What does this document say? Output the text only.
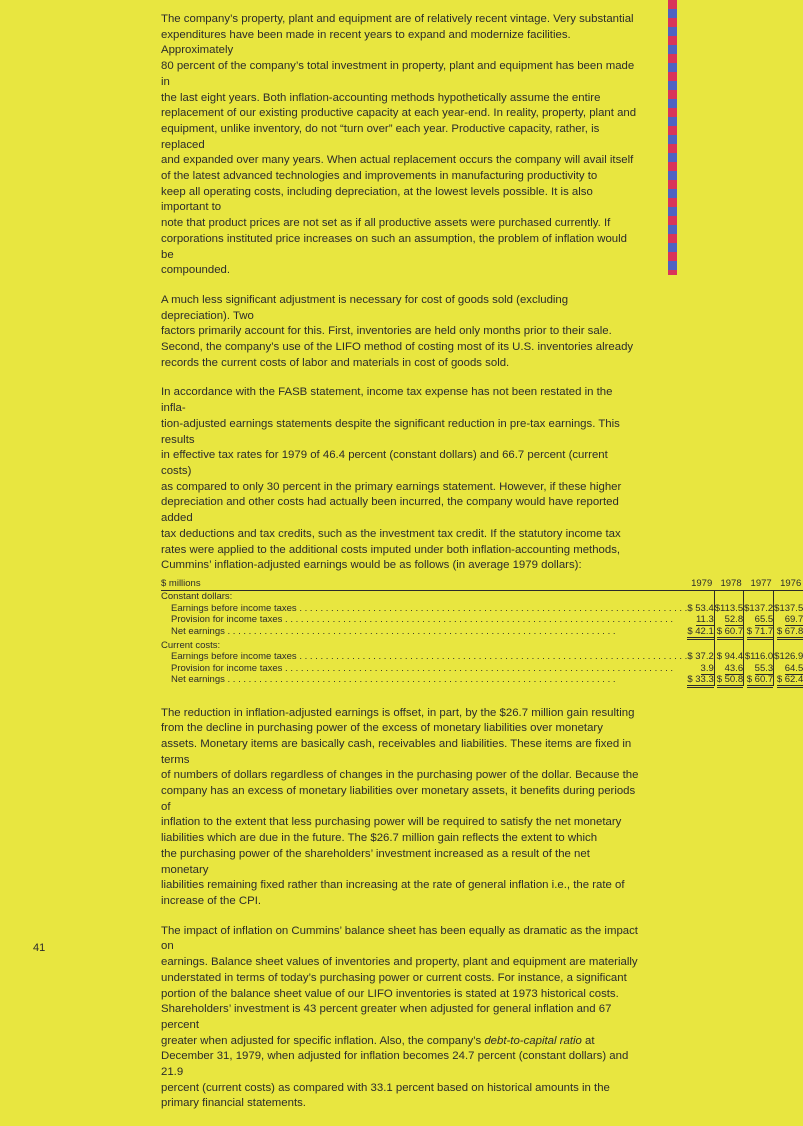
The company’s property, plant and equipment are of relatively recent vintage. Very substantial
expenditures have been made in recent years to expand and modernize facilities. Approximately
80 percent of the company’s total investment in property, plant and equipment has been made in
the last eight years. Both inflation-accounting methods hypothetically assume the entire
replacement of our existing productive capacity at each year-end. In reality, property, plant and
equipment, unlike inventory, do not “turn over” each year. Productive capacity, rather, is replaced
and expanded over many years. When actual replacement occurs the company will avail itself
of the latest advanced technologies and improvements in manufacturing productivity to
keep all operating costs, including depreciation, at the lowest levels possible. It is also important to
note that product prices are not set as if all productive assets were purchased currently. If
corporations instituted price increases on such an assumption, the problem of inflation would be
compounded.

A much less significant adjustment is necessary for cost of goods sold (excluding depreciation). Two
factors primarily account for this. First, inventories are held only months prior to their sale.
Second, the company’s use of the LIFO method of costing most of its U.S. inventories already
records the current costs of labor and materials in cost of goods sold.

In accordance with the FASB statement, income tax expense has not been restated in the infla-
tion-adjusted earnings statements despite the significant reduction in pre-tax earnings. This results
in effective tax rates for 1979 of 46.4 percent (constant dollars) and 66.7 percent (current costs)
as compared to only 30 percent in the primary earnings statement. However, if these higher
depreciation and other costs had actually been incurred, the company would have reported added
tax deductions and tax credits, such as the investment tax credit. If the statutory income tax
rates were applied to the additional costs imputed under both inflation-accounting methods,
Cummins’ inflation-adjusted earnings would be as follows (in average 1979 dollars):

$ millions	1979	1978	1977	1976
Constant dollars:				
Earnings before income taxes . . .	$ 53.4	$113.5	$137.2	$137.5
Provision for income taxes . . .	11.3	52.8	65.5	69.7
Net earnings . . .	$ 42.1	$ 60.7	$ 71.7	$ 67.8
Current costs:				
Earnings before income taxes . . .	$ 37.2	$ 94.4	$116.0	$126.9
Provision for income taxes . . .	3.9	43.6	55.3	64.5
Net earnings . . .	$ 33.3	$ 50.8	$ 60.7	$ 62.4

The reduction in inflation-adjusted earnings is offset, in part, by the $26.7 million gain resulting
from the decline in purchasing power of the excess of monetary liabilities over monetary
assets. Monetary items are basically cash, receivables and liabilities. These items are fixed in terms
of numbers of dollars regardless of changes in the purchasing power of the dollar. Because the
company has an excess of monetary liabilities over monetary assets, it benefits during periods of
inflation to the extent that less purchasing power will be required to satisfy the net monetary
liabilities which are due in the future. The $26.7 million gain reflects the extent to which
the purchasing power of the shareholders’ investment increased as a result of the net monetary
liabilities remaining fixed rather than increasing at the rate of general inflation i.e., the rate of
increase of the CPI.

The impact of inflation on Cummins’ balance sheet has been equally as dramatic as the impact on
earnings. Balance sheet values of inventories and property, plant and equipment are materially
understated in terms of today’s purchasing power or current costs. For instance, a significant
portion of the balance sheet value of our LIFO inventories is stated at 1973 historical costs.
Shareholders’ investment is 43 percent greater when adjusted for general inflation and 67 percent
greater when adjusted for specific inflation. Also, the company’s debt-to-capital ratio at
December 31, 1979, when adjusted for inflation becomes 24.7 percent (constant dollars) and 21.9
percent (current costs) as compared with 33.1 percent based on historical amounts in the
primary financial statements.

41
